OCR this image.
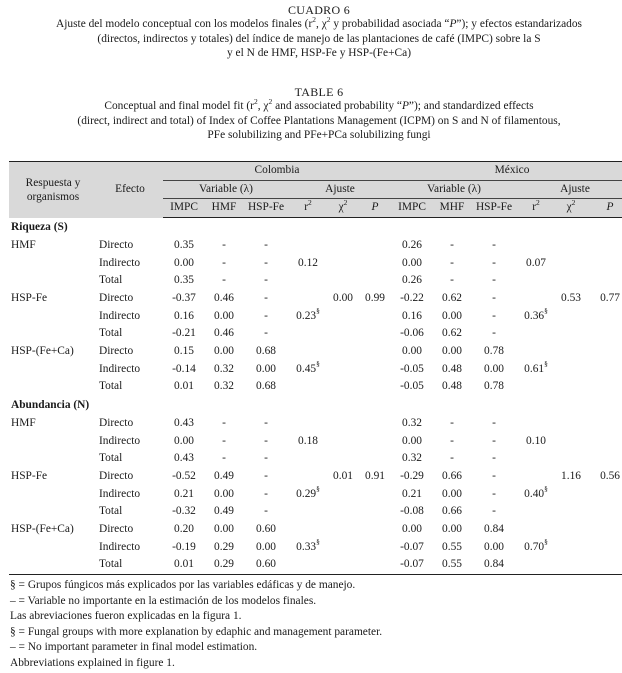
CUADRO 6
Ajuste del modelo conceptual con los modelos finales ($r^2$, $\chi^2$ y probabilidad asociada “P”); y efectos estandarizados
(directos, indirectos y totales) del índice de manejo de las plantaciones de café (IMPC) sobre la S
y el N de HMF, HSP-Fe y HSP-(Fe+Ca)
TABLE 6
Conceptual and final model fit ($r^2$, $\chi^2$ and associated probability “P”); and standardized effects
(direct, indirect and total) of Index of Coffee Plantations Management (ICPM) on S and N of filamentous,
PFe solubilizing and PFe+PCa solubilizing fungi
Respuesta y organismos	Efecto	Colombia						México					
		Variable (λ)			Ajuste			Variable (λ)			Ajuste		
		IMPC	HMF	HSP-Fe	$r^2$	$\chi^2$	P	IMPC	MHF	HSP-Fe	$r^2$	$\chi^2$	P
Riqueza (S)													
HMF	Directo	0.35	-	-				0.26	-	-			
	Indirecto	0.00	-	-	0.12			0.00	-	-	0.07		
	Total	0.35	-	-				0.26	-	-			
HSP-Fe	Directo	-0.37	0.46	-		0.00	0.99	-0.22	0.62	-		0.53	0.77
	Indirecto	0.16	0.00	-	0.23§			0.16	0.00	-	0.36§		
	Total	-0.21	0.46	-				-0.06	0.62	-			
HSP-(Fe+Ca)	Directo	0.15	0.00	0.68				0.00	0.00	0.78			
	Indirecto	-0.14	0.32	0.00	0.45§			-0.05	0.48	0.00	0.61§		
	Total	0.01	0.32	0.68				-0.05	0.48	0.78			
Abundancia (N)													
HMF	Directo	0.43	-	-				0.32	-	-			
	Indirecto	0.00	-	-	0.18			0.00	-	-	0.10		
	Total	0.43	-	-				0.32	-	-			
HSP-Fe	Directo	-0.52	0.49	-		0.01	0.91	-0.29	0.66	-		1.16	0.56
	Indirecto	0.21	0.00	-	0.29§			0.21	0.00	-	0.40§		
	Total	-0.32	0.49	-				-0.08	0.66	-			
HSP-(Fe+Ca)	Directo	0.20	0.00	0.60				0.00	0.00	0.84			
	Indirecto	-0.19	0.29	0.00	0.33§			-0.07	0.55	0.00	0.70§		
	Total	0.01	0.29	0.60				-0.07	0.55	0.84			
§ = Grupos fúngicos más explicados por las variables edáficas y de manejo.
– = Variable no importante en la estimación de los modelos finales.
Las abreviaciones fueron explicadas en la figura 1.
§ = Fungal groups with more explanation by edaphic and management parameter.
– = No important parameter in final model estimation.
Abbreviations explained in figure 1.
